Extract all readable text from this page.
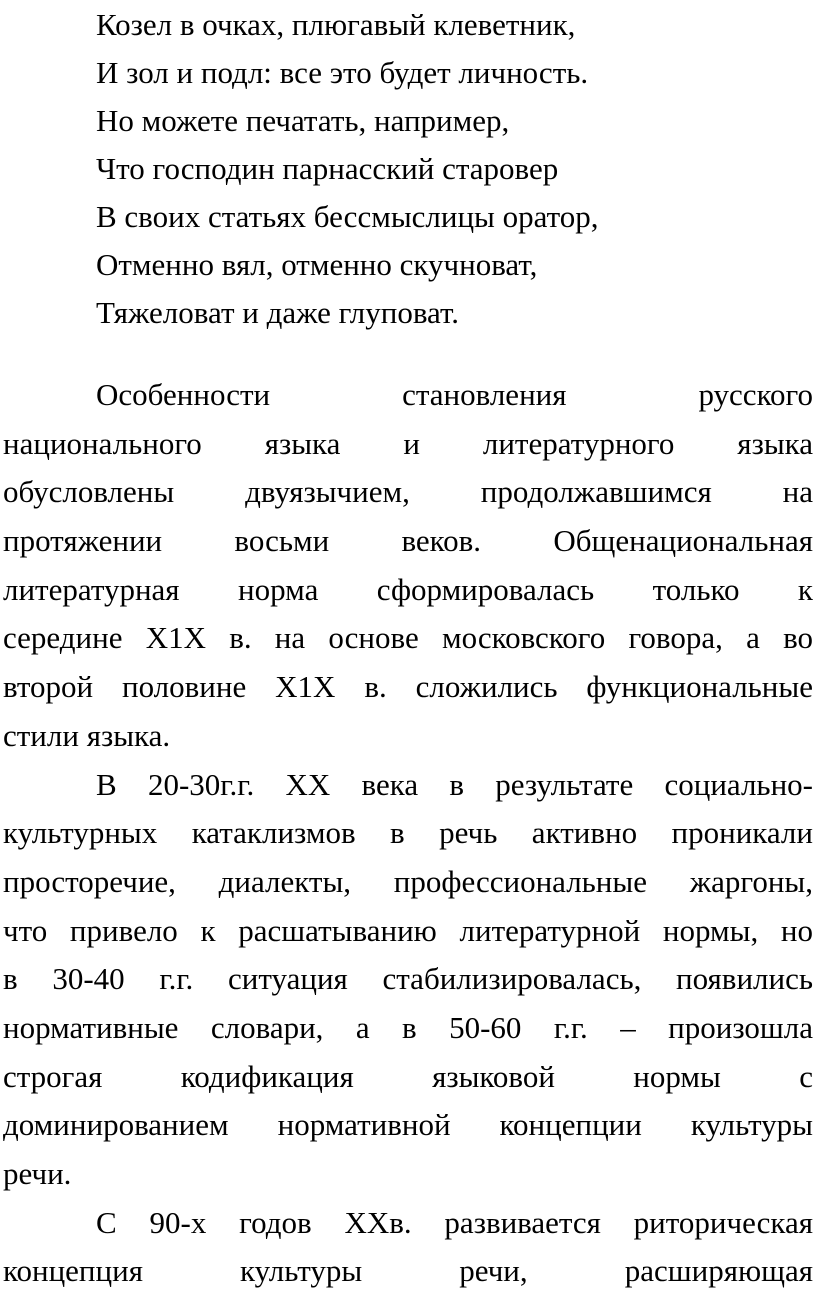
Козел в очках, плюгавый клеветник,
И зол и подл: все это будет личность.
Но можете печатать, например,
Что господин парнасский старовер
В своих статьях бессмыслицы оратор,
Отменно вял, отменно скучноват,
Тяжеловат и даже глуповат.
Особенности становления русского
национального языка и литературного языка
обусловлены двуязычием, продолжавшимся на
протяжении восьми веков. Общенациональная
литературная норма сформировалась только к
середине Х1Х в. на основе московского говора, а во
второй половине Х1Х в. сложились функциональные
стили языка.
В 20-30г.г. ХХ века в результате социально-
культурных катаклизмов в речь активно проникали
просторечие, диалекты, профессиональные жаргоны,
что привело к расшатыванию литературной нормы, но
в 30-40 г.г. ситуация стабилизировалась, появились
нормативные словари, а в 50-60 г.г. – произошла
строгая кодификация языковой нормы с
доминированием нормативной концепции культуры
речи.
С 90-х годов ХХв. развивается риторическая
концепция культуры речи, расширяющая
